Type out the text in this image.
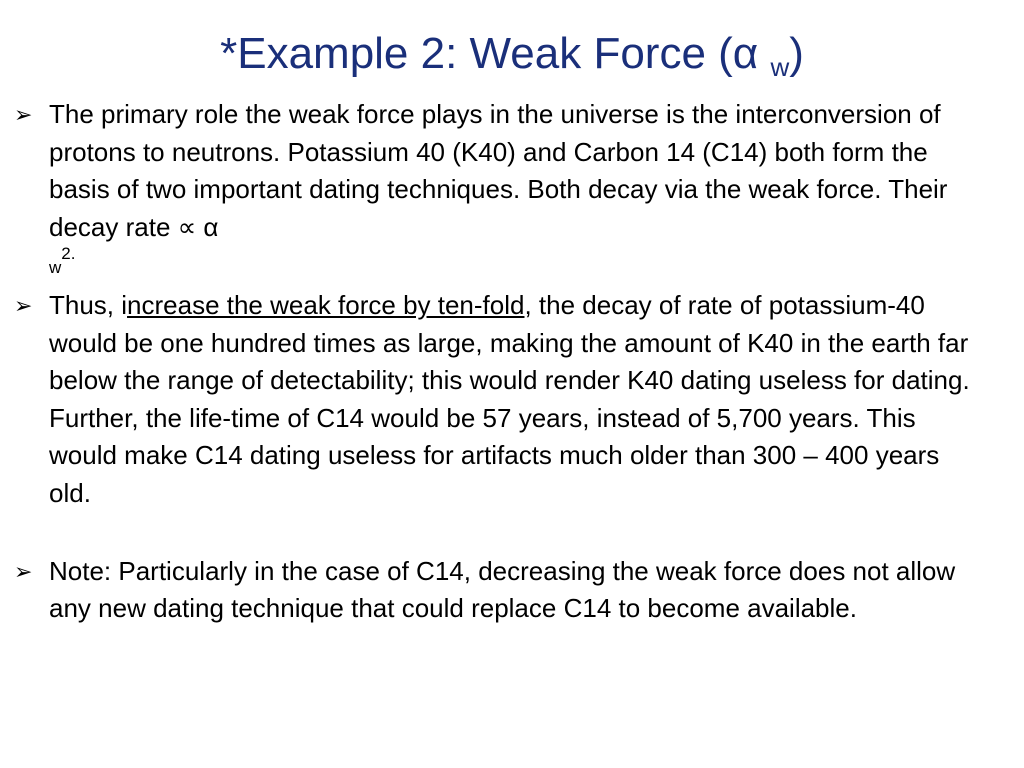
*Example 2: Weak Force (α $_w$)
➢ The primary role the weak force plays in the universe is the interconversion of protons to neutrons. Potassium 40 (K40) and Carbon 14 (C14) both form the basis of two important dating techniques. Both decay via the weak force. Their decay rate ∝ α
$w^{2.}$
➢ Thus, increase the weak force by ten-fold, the decay of rate of potassium-40 would be one hundred times as large, making the amount of K40 in the earth far below the range of detectability; this would render K40 dating useless for dating. Further, the life-time of C14 would be 57 years, instead of 5,700 years. This would make C14 dating useless for artifacts much older than 300 – 400 years old.
➢ Note: Particularly in the case of C14, decreasing the weak force does not allow any new dating technique that could replace C14 to become available.
